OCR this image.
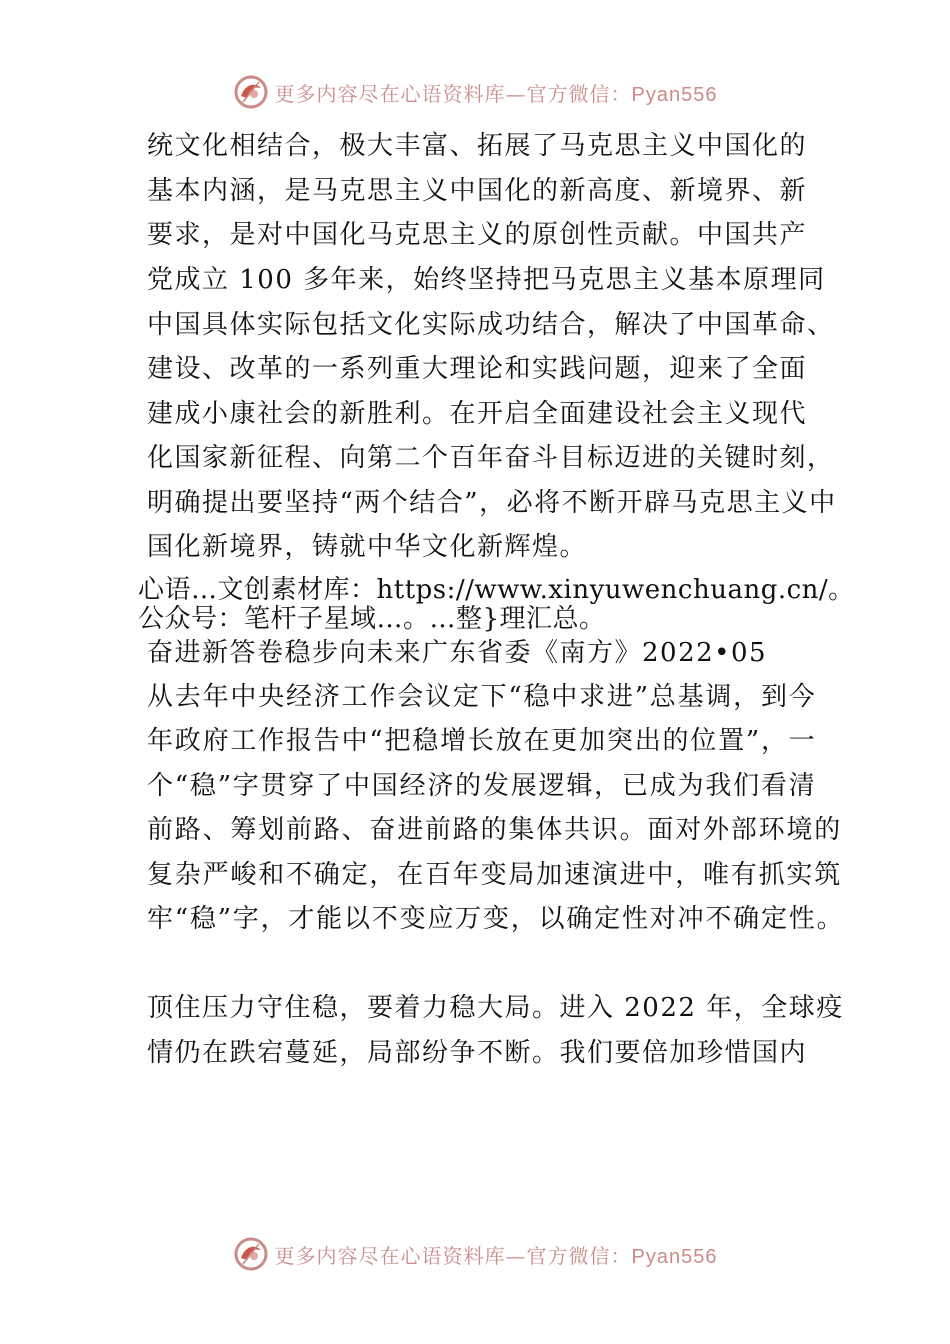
更多内容尽在心语资料库—官方微信：Pyan556
统文化相结合，极大丰富、拓展了马克思主义中国化的
基本内涵，是马克思主义中国化的新高度、新境界、新
要求，是对中国化马克思主义的原创性贡献。中国共产
党成立 100 多年来，始终坚持把马克思主义基本原理同
中国具体实际包括文化实际成功结合，解决了中国革命、
建设、改革的一系列重大理论和实践问题，迎来了全面
建成小康社会的新胜利。在开启全面建设社会主义现代
化国家新征程、向第二个百年奋斗目标迈进的关键时刻，
明确提出要坚持“两个结合”，必将不断开辟马克思主义中
国化新境界，铸就中华文化新辉煌。
心语…文创素材库：https://www.xinyuwenchuang.cn/。
公众号：笔杆子星域…。…整}理汇总。
奋进新答卷稳步向未来广东省委《南方》2022•05
从去年中央经济工作会议定下“稳中求进”总基调，到今
年政府工作报告中“把稳增长放在更加突出的位置”，一
个“稳”字贯穿了中国经济的发展逻辑，已成为我们看清
前路、筹划前路、奋进前路的集体共识。面对外部环境的
复杂严峻和不确定，在百年变局加速演进中，唯有抓实筑
牢“稳”字，才能以不变应万变，以确定性对冲不确定性。
顶住压力守住稳，要着力稳大局。进入 2022 年，全球疫
情仍在跌宕蔓延，局部纷争不断。我们要倍加珍惜国内
更多内容尽在心语资料库—官方微信：Pyan556
